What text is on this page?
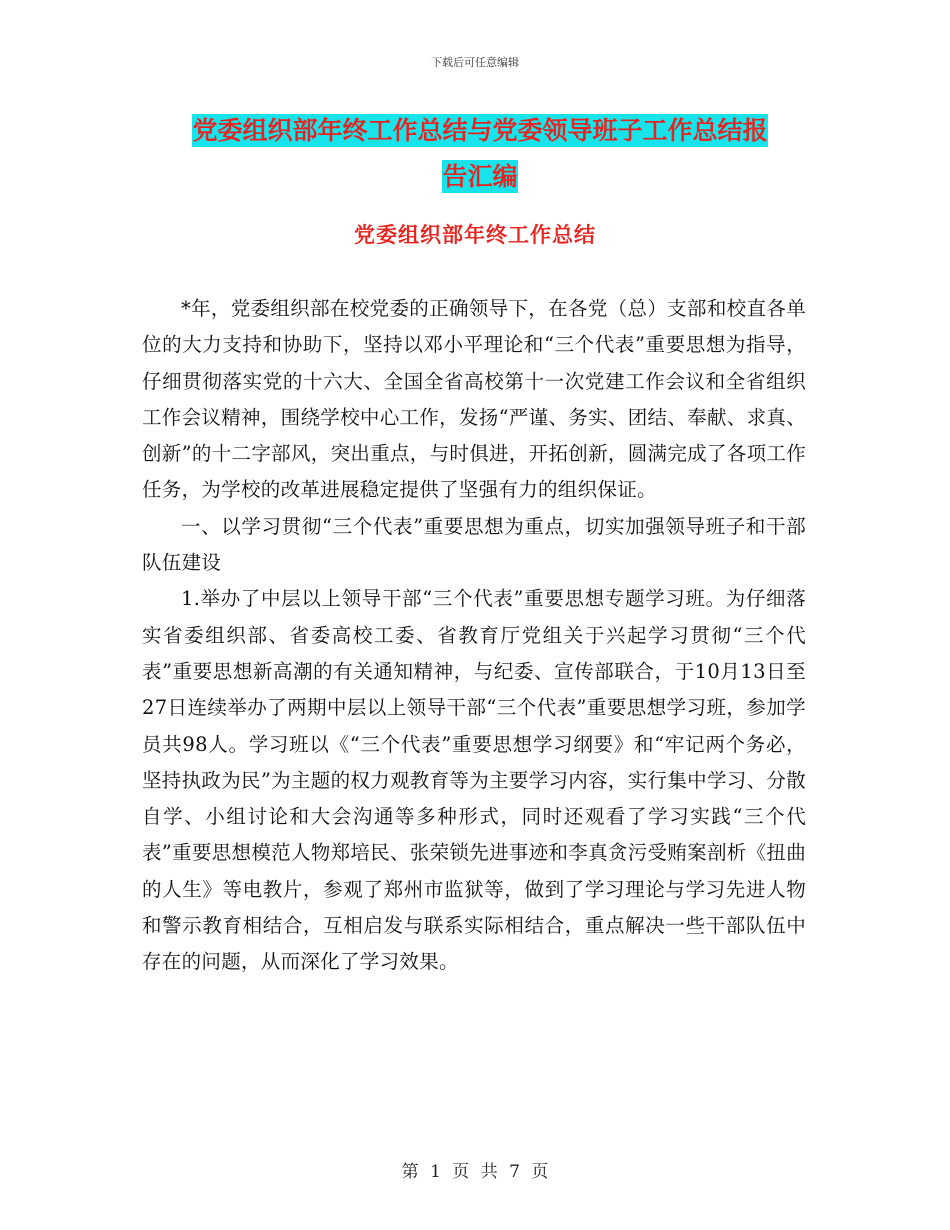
下载后可任意编辑
党委组织部年终工作总结与党委领导班子工作总结报
告汇编
党委组织部年终工作总结

*年，党委组织部在校党委的正确领导下，在各党（总）支部和校直各单位的大力支持和协助下，坚持以邓小平理论和“三个代表”重要思想为指导，仔细贯彻落实党的十六大、全国全省高校第十一次党建工作会议和全省组织工作会议精神，围绕学校中心工作，发扬“严谨、务实、团结、奉献、求真、创新”的十二字部风，突出重点，与时俱进，开拓创新，圆满完成了各项工作任务，为学校的改革进展稳定提供了坚强有力的组织保证。

一、以学习贯彻“三个代表”重要思想为重点，切实加强领导班子和干部队伍建设

1.举办了中层以上领导干部“三个代表”重要思想专题学习班。为仔细落实省委组织部、省委高校工委、省教育厅党组关于兴起学习贯彻“三个代表”重要思想新高潮的有关通知精神，与纪委、宣传部联合，于10月13日至27日连续举办了两期中层以上领导干部“三个代表”重要思想学习班，参加学员共98人。学习班以《“三个代表”重要思想学习纲要》和“牢记两个务必，坚持执政为民”为主题的权力观教育等为主要学习内容，实行集中学习、分散自学、小组讨论和大会沟通等多种形式，同时还观看了学习实践“三个代表”重要思想模范人物郑培民、张荣锁先进事迹和李真贪污受贿案剖析《扭曲的人生》等电教片，参观了郑州市监狱等，做到了学习理论与学习先进人物和警示教育相结合，互相启发与联系实际相结合，重点解决一些干部队伍中存在的问题，从而深化了学习效果。

第 1 页 共 7 页
